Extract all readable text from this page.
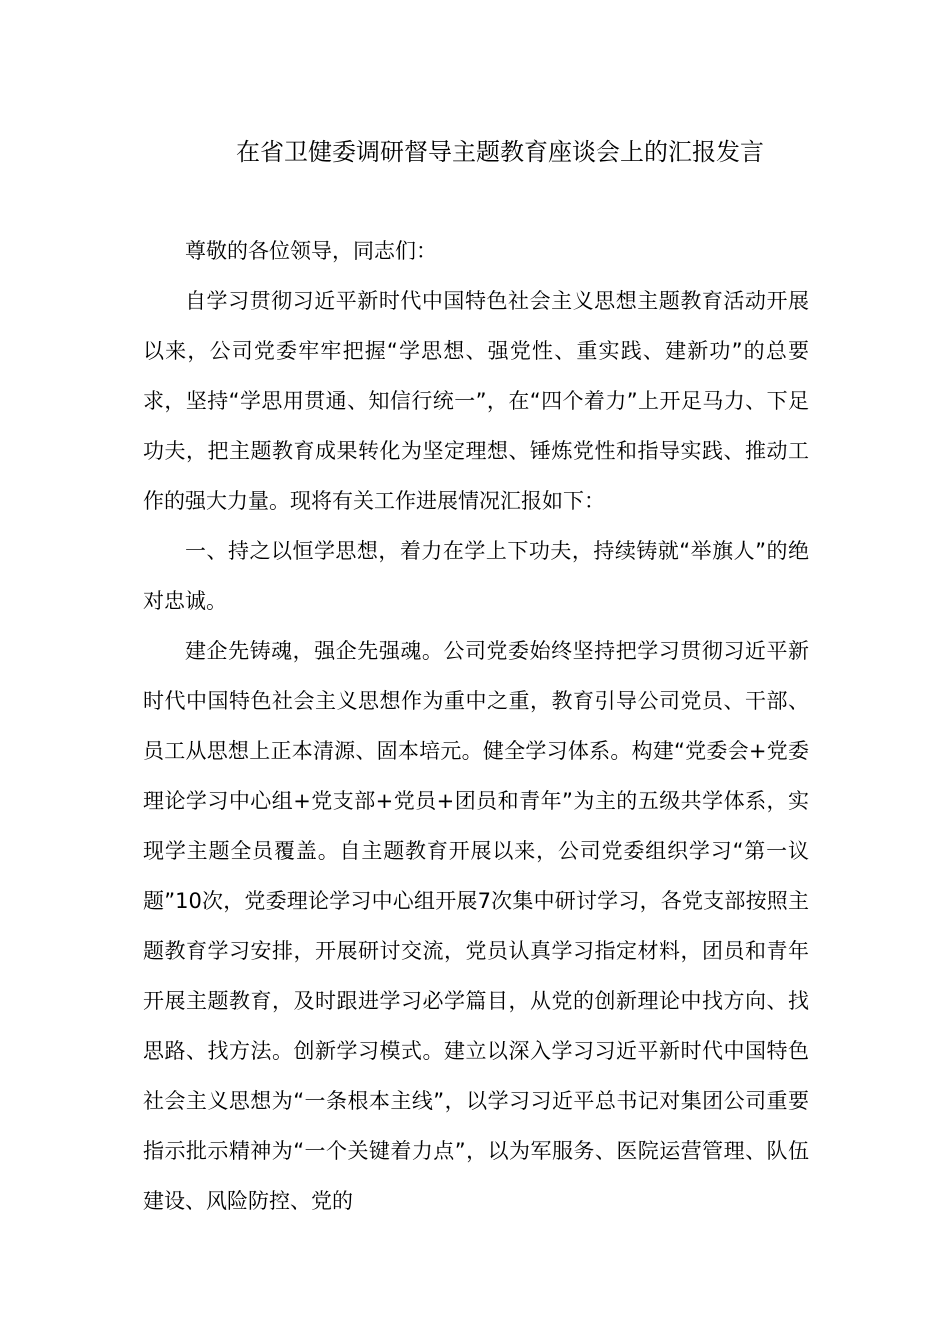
在省卫健委调研督导主题教育座谈会上的汇报发言

尊敬的各位领导，同志们：

自学习贯彻习近平新时代中国特色社会主义思想主题教育活动开展以来，公司党委牢牢把握“学思想、强党性、重实践、建新功”的总要求，坚持“学思用贯通、知信行统一”，在“四个着力”上开足马力、下足功夫，把主题教育成果转化为坚定理想、锤炼党性和指导实践、推动工作的强大力量。现将有关工作进展情况汇报如下：

一、持之以恒学思想，着力在学上下功夫，持续铸就“举旗人”的绝对忠诚。

建企先铸魂，强企先强魂。公司党委始终坚持把学习贯彻习近平新时代中国特色社会主义思想作为重中之重，教育引导公司党员、干部、员工从思想上正本清源、固本培元。健全学习体系。构建“党委会+党委理论学习中心组+党支部+党员+团员和青年”为主的五级共学体系，实现学主题全员覆盖。自主题教育开展以来，公司党委组织学习“第一议题”10次，党委理论学习中心组开展7次集中研讨学习，各党支部按照主题教育学习安排，开展研讨交流，党员认真学习指定材料，团员和青年开展主题教育，及时跟进学习必学篇目，从党的创新理论中找方向、找思路、找方法。创新学习模式。建立以深入学习习近平新时代中国特色社会主义思想为“一条根本主线”，以学习习近平总书记对集团公司重要指示批示精神为“一个关键着力点”，以为军服务、医院运营管理、队伍建设、风险防控、党的
